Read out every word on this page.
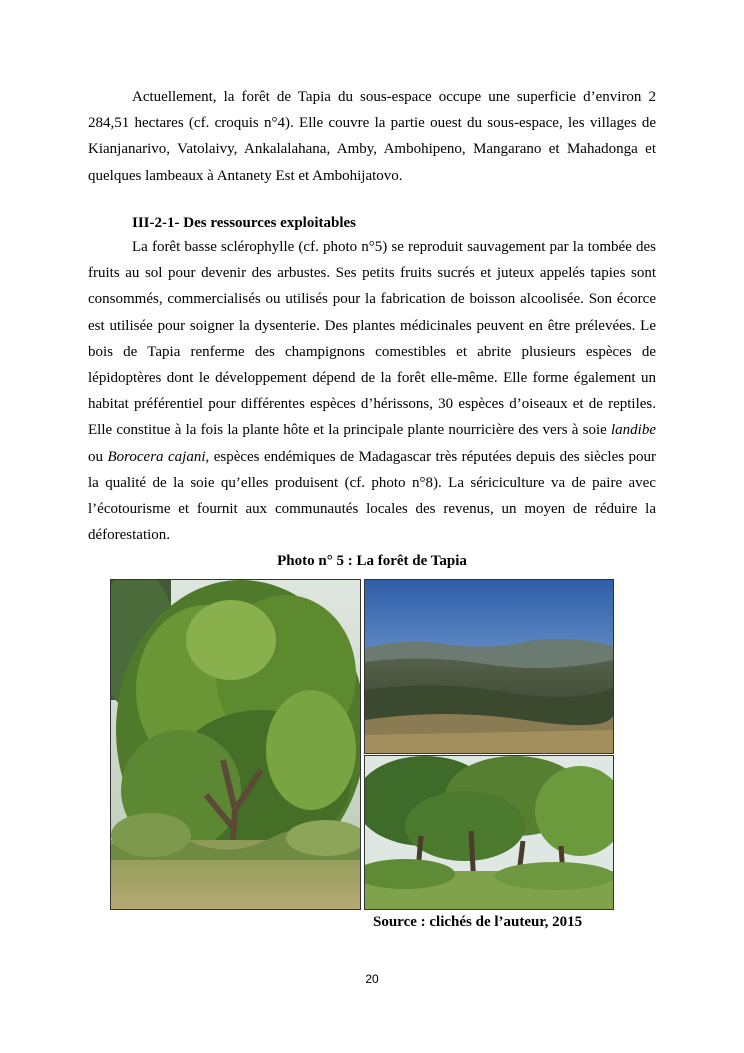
Actuellement, la forêt de Tapia du sous-espace occupe une superficie d’environ 2 284,51 hectares (cf. croquis n°4). Elle couvre la partie ouest du sous-espace, les villages de Kianjanarivo, Vatolaivy, Ankalalahana, Amby, Ambohipeno, Mangarano et Mahadonga et quelques lambeaux à Antanety Est et Ambohijatovo.

III-2-1- Des ressources exploitables

La forêt basse sclérophylle (cf. photo n°5) se reproduit sauvagement par la tombée des fruits au sol pour devenir des arbustes. Ses petits fruits sucrés et juteux appelés tapies sont consommés, commercialisés ou utilisés pour la fabrication de boisson alcoolisée. Son écorce est utilisée pour soigner la dysenterie. Des plantes médicinales peuvent en être prélevées. Le bois de Tapia renferme des champignons comestibles et abrite plusieurs espèces de lépidoptères dont le développement dépend de la forêt elle-même. Elle forme également un habitat préférentiel pour différentes espèces d’hérissons, 30 espèces d’oiseaux et de reptiles. Elle constitue à la fois la plante hôte et la principale plante nourricière des vers à soie landibe ou Borocera cajani, espèces endémiques de Madagascar très réputées depuis des siècles pour la qualité de la soie qu’elles produisent (cf. photo n°8). La sériciculture va de paire avec l’écotourisme et fournit aux communautés locales des revenus, un moyen de réduire la déforestation.

Photo n° 5 : La forêt de Tapia
Source : clichés de l’auteur, 2015
20
